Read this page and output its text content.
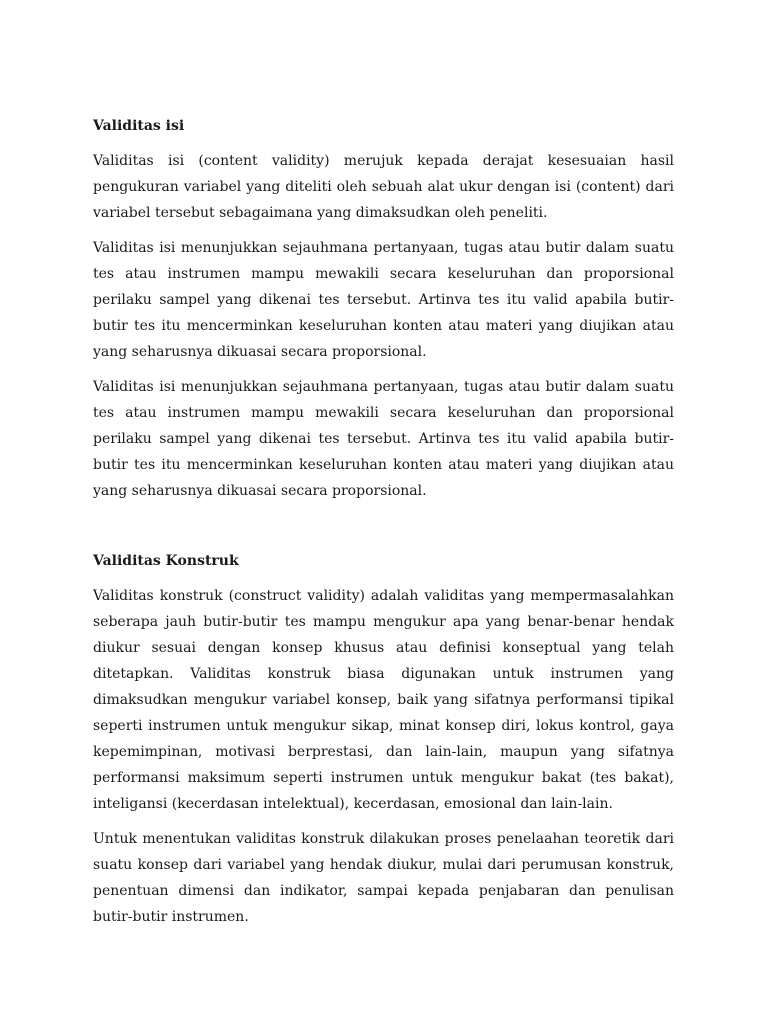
Validitas isi

Validitas isi (content validity) merujuk kepada derajat kesesuaian hasil pengukuran variabel yang diteliti oleh sebuah alat ukur dengan isi (content) dari variabel tersebut sebagaimana yang dimaksudkan oleh peneliti.

Validitas isi menunjukkan sejauhmana pertanyaan, tugas atau butir dalam suatu tes atau instrumen mampu mewakili secara keseluruhan dan proporsional perilaku sampel yang dikenai tes tersebut. Artinva tes itu valid apabila butir-butir tes itu mencerminkan keseluruhan konten atau materi yang diujikan atau yang seharusnya dikuasai secara proporsional.

Validitas isi menunjukkan sejauhmana pertanyaan, tugas atau butir dalam suatu tes atau instrumen mampu mewakili secara keseluruhan dan proporsional perilaku sampel yang dikenai tes tersebut. Artinva tes itu valid apabila butir-butir tes itu mencerminkan keseluruhan konten atau materi yang diujikan atau yang seharusnya dikuasai secara proporsional.

Validitas Konstruk

Validitas konstruk (construct validity) adalah validitas yang mempermasalahkan seberapa jauh butir-butir tes mampu mengukur apa yang benar-benar hendak diukur sesuai dengan konsep khusus atau definisi konseptual yang telah ditetapkan. Validitas konstruk biasa digunakan untuk instrumen yang dimaksudkan mengukur variabel konsep, baik yang sifatnya performansi tipikal seperti instrumen untuk mengukur sikap, minat konsep diri, lokus kontrol, gaya kepemimpinan, motivasi berprestasi, dan lain-lain, maupun yang sifatnya performansi maksimum seperti instrumen untuk mengukur bakat (tes bakat), inteligansi (kecerdasan intelektual), kecerdasan, emosional dan lain-lain.

Untuk menentukan validitas konstruk dilakukan proses penelaahan teoretik dari suatu konsep dari variabel yang hendak diukur, mulai dari perumusan konstruk, penentuan dimensi dan indikator, sampai kepada penjabaran dan penulisan butir-butir instrumen.
